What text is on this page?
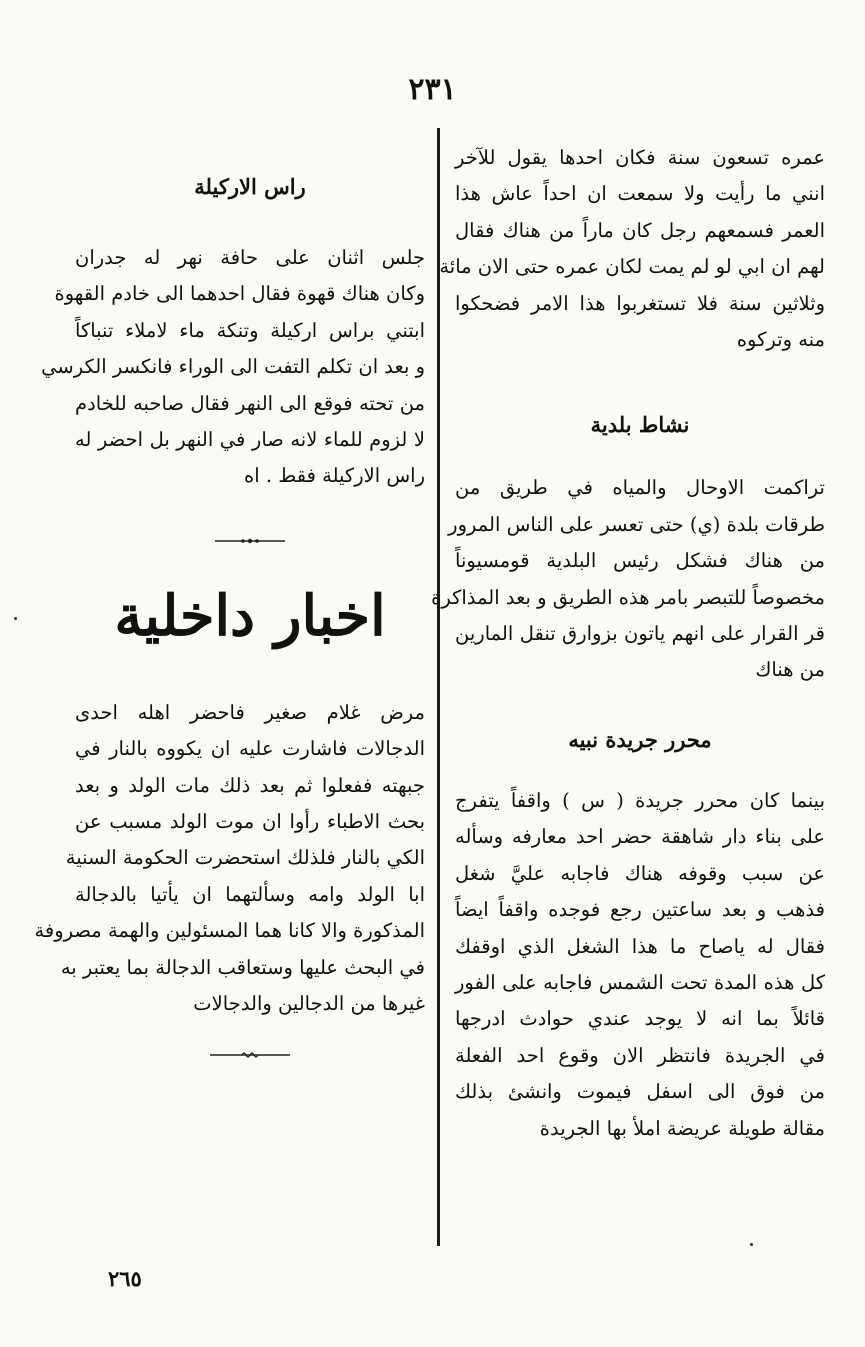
٢٣١
عمره تسعون سنة فكان احدها يقول للآخر
انني ما رأيت ولا سمعت ان احداً عاش هذا
العمر فسمعهم رجل كان ماراً من هناك فقال
لهم ان ابي لو لم يمت لكان عمره حتى الان مائة
وثلاثين سنة فلا تستغربوا هذا الامر فضحكوا
منه وتركوه
نشاط بلدية
تراكمت الاوحال والمياه في طريق من
طرقات بلدة (ي) حتى تعسر على الناس المرور
من هناك فشكل رئيس البلدية قومسيوناً
مخصوصاً للتبصر بامر هذه الطريق و بعد المذاكرة
قر القرار على انهم ياتون بزوارق تنقل المارين
من هناك
محرر جريدة نبيه
بينما كان محرر جريدة ( س ) واقفاً يتفرج
على بناء دار شاهقة حضر احد معارفه وسأله
عن سبب وقوفه هناك فاجابه عليَّ شغل
فذهب و بعد ساعتين رجع فوجده واقفاً ايضاً
فقال له ياصاح ما هذا الشغل الذي اوقفك
كل هذه المدة تحت الشمس فاجابه على الفور
قائلاً بما انه لا يوجد عندي حوادث ادرجها
في الجريدة فانتظر الان وقوع احد الفعلة
من فوق الى اسفل فيموت وانشئ بذلك
مقالة طويلة عريضة املأ بها الجريدة
راس الاركيلة
جلس اثنان على حافة نهر له جدران
وكان هناك قهوة فقال احدهما الى خادم القهوة
ابتني براس اركيلة وتنكة ماء لاملاء تنباكاً
و بعد ان تكلم التفت الى الوراء فانكسر الكرسي
من تحته فوقع الى النهر فقال صاحبه للخادم
لا لزوم للماء لانه صار في النهر بل احضر له
راس الاركيلة فقط . اه
اخبار داخلية
مرض غلام صغير فاحضر اهله احدى
الدجالات فاشارت عليه ان يكووه بالنار في
جبهته ففعلوا ثم بعد ذلك مات الولد و بعد
بحث الاطباء رأوا ان موت الولد مسبب عن
الكي بالنار فلذلك استحضرت الحكومة السنية
ابا الولد وامه وسألتهما ان يأتيا بالدجالة
المذكورة والا كانا هما المسئولين والهمة مصروفة
في البحث عليها وستعاقب الدجالة بما يعتبر به
غيرها من الدجالين والدجالات
٢٦٥
